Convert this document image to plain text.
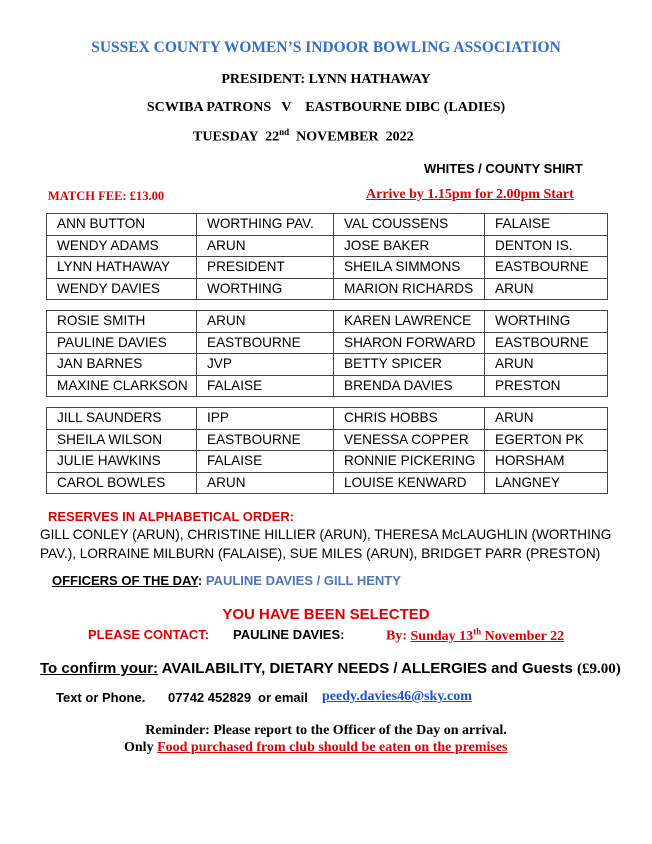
SUSSEX COUNTY WOMEN’S INDOOR BOWLING ASSOCIATION
PRESIDENT: LYNN HATHAWAY
SCWIBA PATRONS   V    EASTBOURNE DIBC (LADIES)
TUESDAY  22nd  NOVEMBER  2022
WHITES / COUNTY SHIRT
MATCH FEE: £13.00	Arrive by 1.15pm for 2.00pm Start
ANN BUTTON	WORTHING PAV.	VAL COUSSENS	FALAISE
WENDY ADAMS	ARUN	JOSE BAKER	DENTON IS.
LYNN HATHAWAY	PRESIDENT	SHEILA SIMMONS	EASTBOURNE
WENDY DAVIES	WORTHING	MARION RICHARDS	ARUN
ROSIE SMITH	ARUN	KAREN LAWRENCE	WORTHING
PAULINE DAVIES	EASTBOURNE	SHARON FORWARD	EASTBOURNE
JAN BARNES	JVP	BETTY SPICER	ARUN
MAXINE CLARKSON	FALAISE	BRENDA DAVIES	PRESTON
JILL SAUNDERS	IPP	CHRIS HOBBS	ARUN
SHEILA WILSON	EASTBOURNE	VENESSA COPPER	EGERTON PK
JULIE HAWKINS	FALAISE	RONNIE PICKERING	HORSHAM
CAROL BOWLES	ARUN	LOUISE KENWARD	LANGNEY
RESERVES IN ALPHABETICAL ORDER:
GILL CONLEY (ARUN), CHRISTINE HILLIER (ARUN), THERESA McLAUGHLIN (WORTHING PAV.), LORRAINE MILBURN (FALAISE), SUE MILES (ARUN), BRIDGET PARR (PRESTON)
OFFICERS OF THE DAY: PAULINE DAVIES / GILL HENTY
YOU HAVE BEEN SELECTED
PLEASE CONTACT: PAULINE DAVIES:	By: Sunday 13th November 22
To confirm your: AVAILABILITY, DIETARY NEEDS / ALLERGIES and Guests (£9.00)
Text or Phone. 07742 452829 or email peedy.davies46@sky.com
Reminder: Please report to the Officer of the Day on arrival.
Only Food purchased from club should be eaten on the premises
